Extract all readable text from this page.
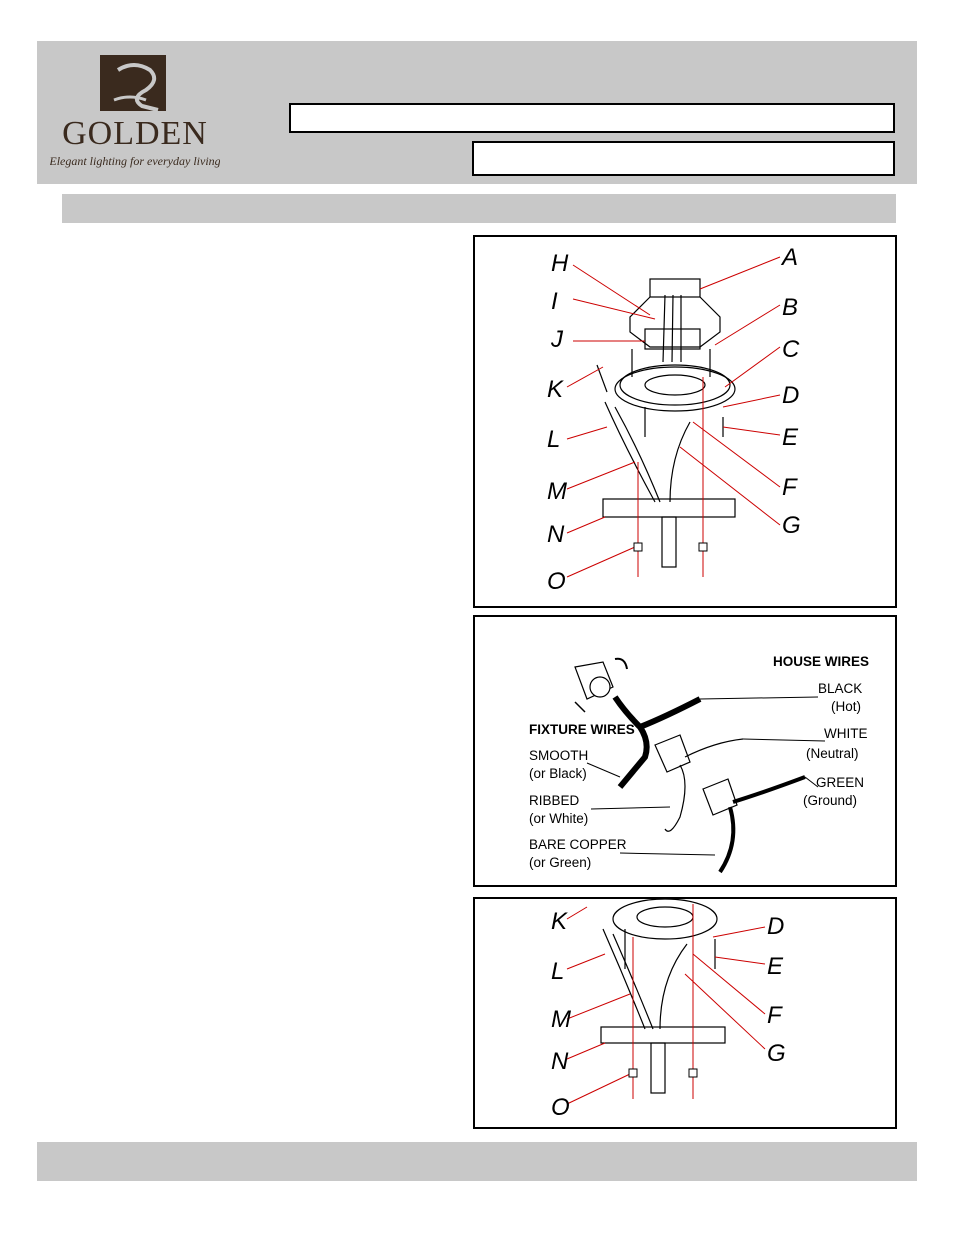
GOLDEN
Elegant lighting for everyday living
H
I
J
K
L
M
N
O
A
B
C
D
E
F
G
HOUSE WIRES
FIXTURE WIRES
BLACK
(Hot)
WHITE
(Neutral)
GREEN
(Ground)
SMOOTH
(or Black)
RIBBED
(or White)
BARE COPPER
(or Green)
K
L
M
N
O
D
E
F
G
